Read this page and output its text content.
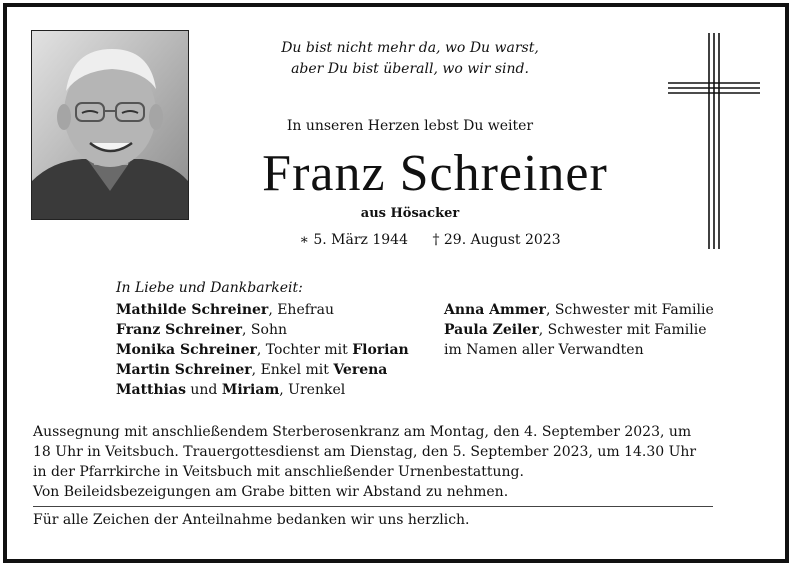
Du bist nicht mehr da, wo Du warst,
aber Du bist überall, wo wir sind.
In unseren Herzen lebst Du weiter
Franz Schreiner
aus Hösacker
∗ 5. März 1944 † 29. August 2023
In Liebe und Dankbarkeit:
Mathilde Schreiner, Ehefrau
Franz Schreiner, Sohn
Monika Schreiner, Tochter mit Florian
Martin Schreiner, Enkel mit Verena
Matthias und Miriam, Urenkel
Anna Ammer, Schwester mit Familie
Paula Zeiler, Schwester mit Familie
im Namen aller Verwandten
Aussegnung mit anschließendem Sterberosenkranz am Montag, den 4. September 2023, um
18 Uhr in Veitsbuch. Trauergottesdienst am Dienstag, den 5. September 2023, um 14.30 Uhr
in der Pfarrkirche in Veitsbuch mit anschließender Urnenbestattung.
Von Beileidsbezeigungen am Grabe bitten wir Abstand zu nehmen.
Für alle Zeichen der Anteilnahme bedanken wir uns herzlich.
